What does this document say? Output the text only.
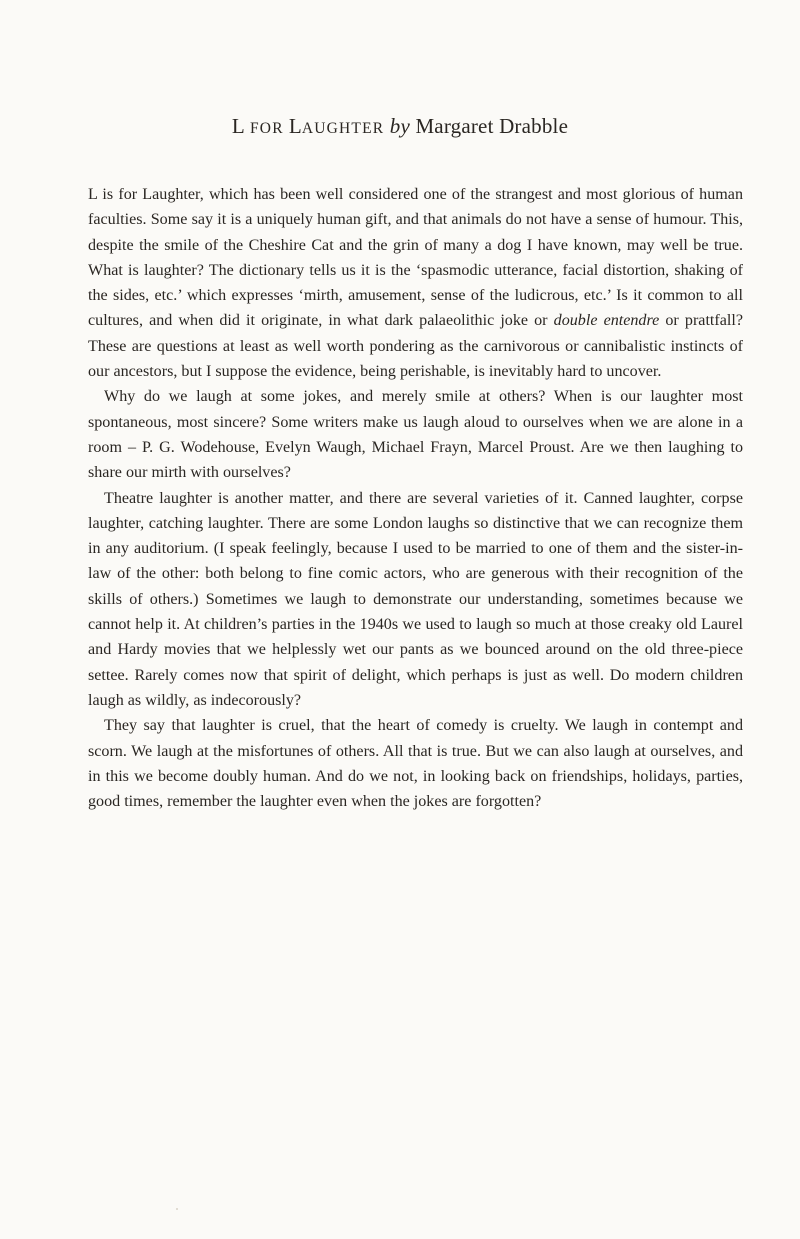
L FOR LAUGHTER by Margaret Drabble

L is for Laughter, which has been well considered one of the strangest and most glorious of human faculties. Some say it is a uniquely human gift, and that animals do not have a sense of humour. This, despite the smile of the Cheshire Cat and the grin of many a dog I have known, may well be true. What is laughter? The dictionary tells us it is the ‘spasmodic utterance, facial distortion, shaking of the sides, etc.’ which expresses ‘mirth, amusement, sense of the ludicrous, etc.’ Is it common to all cultures, and when did it originate, in what dark palaeolithic joke or double entendre or prattfall? These are questions at least as well worth pondering as the carnivorous or cannibalistic instincts of our ancestors, but I suppose the evidence, being perishable, is inevitably hard to uncover.

Why do we laugh at some jokes, and merely smile at others? When is our laughter most spontaneous, most sincere? Some writers make us laugh aloud to ourselves when we are alone in a room – P. G. Wodehouse, Evelyn Waugh, Michael Frayn, Marcel Proust. Are we then laughing to share our mirth with ourselves?

Theatre laughter is another matter, and there are several varieties of it. Canned laughter, corpse laughter, catching laughter. There are some London laughs so distinctive that we can recognize them in any auditorium. (I speak feelingly, because I used to be married to one of them and the sister-in-law of the other: both belong to fine comic actors, who are generous with their recognition of the skills of others.) Sometimes we laugh to demonstrate our understanding, sometimes because we cannot help it. At children’s parties in the 1940s we used to laugh so much at those creaky old Laurel and Hardy movies that we helplessly wet our pants as we bounced around on the old three-piece settee. Rarely comes now that spirit of delight, which perhaps is just as well. Do modern children laugh as wildly, as indecorously?

They say that laughter is cruel, that the heart of comedy is cruelty. We laugh in contempt and scorn. We laugh at the misfortunes of others. All that is true. But we can also laugh at ourselves, and in this we become doubly human. And do we not, in looking back on friendships, holidays, parties, good times, remember the laughter even when the jokes are forgotten?
